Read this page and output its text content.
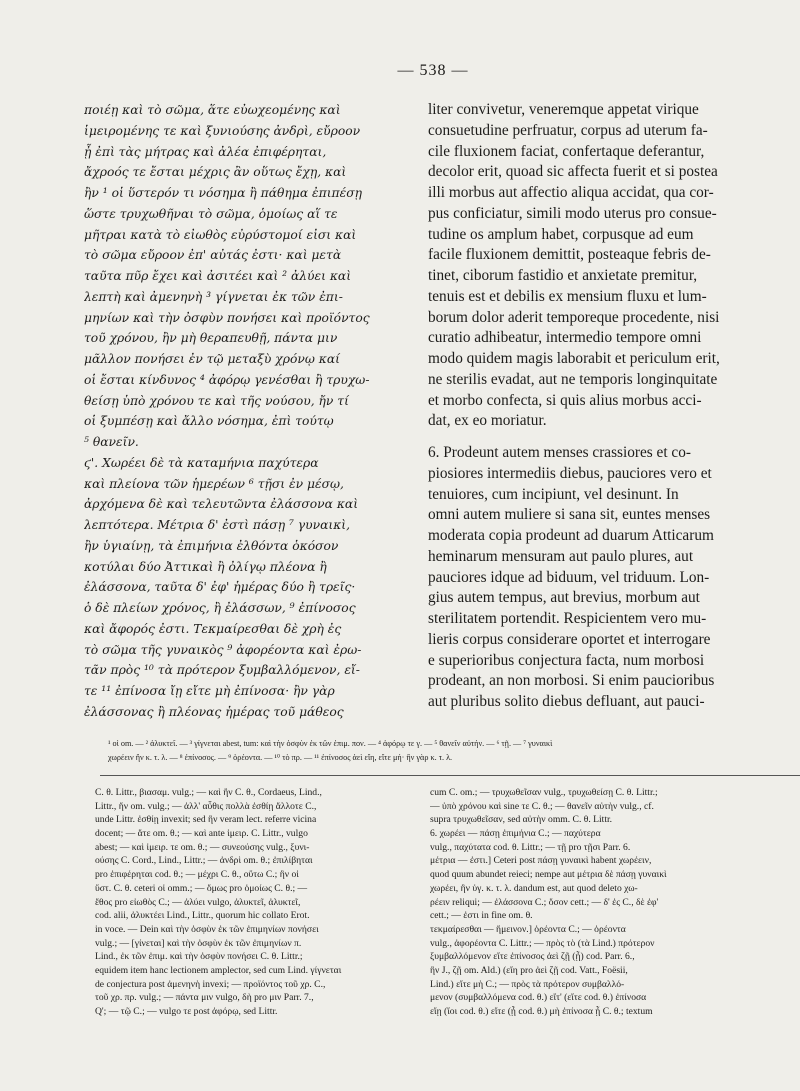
— 538 —
ποιέῃ καὶ τὸ σῶμα, ἅτε εὐωχεομένης καὶ
ἱμειρομένης τε καὶ ξυνιούσης ἀνδρὶ, εὔροον
ᾖ ἐπὶ τὰς μήτρας καὶ ἀλέα ἐπιφέρηται,
ἄχροός τε ἔσται μέχρις ἂν οὕτως ἔχῃ, καὶ
ἢν ¹ οἱ ὕστερόν τι νόσημα ἢ πάθημα ἐπιπέσῃ
ὥστε τρυχωθῆναι τὸ σῶμα, ὁμοίως αἵ τε
μῆτραι κατὰ τὸ εἰωθὸς εὐρύστομοί εἰσι καὶ
τὸ σῶμα εὔροον ἐπ' αὐτάς ἐστι· καὶ μετὰ
ταῦτα πῦρ ἔχει καὶ ἀσιτέει καὶ ² ἀλύει καὶ
λεπτὴ καὶ ἀμενηνὴ ³ γίγνεται ἐκ τῶν ἐπι-
μηνίων καὶ τὴν ὀσφὺν πονήσει καὶ προϊόντος
τοῦ χρόνου, ἢν μὴ θεραπευθῇ, πάντα μιν
μᾶλλον πονήσει ἐν τῷ μεταξὺ χρόνῳ καί
οἱ ἔσται κίνδυνος ⁴ ἀφόρῳ γενέσθαι ἢ τρυχω-
θείσῃ ὑπὸ χρόνου τε καὶ τῆς νούσου, ἤν τί
οἱ ξυμπέσῃ καὶ ἄλλο νόσημα, ἐπὶ τούτῳ
⁵ θανεῖν.
ϛ'. Χωρέει δὲ τὰ καταμήνια παχύτερα
καὶ πλείονα τῶν ἡμερέων ⁶ τῇσι ἐν μέσῳ,
ἀρχόμενα δὲ καὶ τελευτῶντα ἐλάσσονα καὶ
λεπτότερα. Μέτρια δ' ἐστὶ πάσῃ ⁷ γυναικὶ,
ἢν ὑγιαίνῃ, τὰ ἐπιμήνια ἐλθόντα ὁκόσον
κοτύλαι δύο Ἀττικαὶ ἢ ὀλίγῳ πλέονα ἢ
ἐλάσσονα, ταῦτα δ' ἐφ' ἡμέρας δύο ἢ τρεῖς·
ὁ δὲ πλείων χρόνος, ἢ ἐλάσσων, ⁹ ἐπίνοσος
καὶ ἄφορός ἐστι. Τεκμαίρεσθαι δὲ χρὴ ἐς
τὸ σῶμα τῆς γυναικὸς ⁹ ἀφορέοντα καὶ ἐρω-
τᾶν πρὸς ¹⁰ τὰ πρότερον ξυμβαλλόμενον, εἴ-
τε ¹¹ ἐπίνοσα ἴῃ εἴτε μὴ ἐπίνοσα· ἢν γὰρ
ἐλάσσονας ἢ πλέονας ἡμέρας τοῦ μάθεος
liter convivetur, veneremque appetat virique
consuetudine perfruatur, corpus ad uterum fa-
cile fluxionem faciat, confertaque deferantur,
decolor erit, quoad sic affecta fuerit et si postea
illi morbus aut affectio aliqua accidat, qua cor-
pus conficiatur, simili modo uterus pro consue-
tudine os amplum habet, corpusque ad eum
facile fluxionem demittit, posteaque febris de-
tinet, ciborum fastidio et anxietate premitur,
tenuis est et debilis ex mensium fluxu et lum-
borum dolor aderit temporeque procedente, nisi
curatio adhibeatur, intermedio tempore omni
modo quidem magis laborabit et periculum erit,
ne sterilis evadat, aut ne temporis longinquitate
et morbo confecta, si quis alius morbus acci-
dat, ex eo moriatur.
6. Prodeunt autem menses crassiores et co-
piosiores intermediis diebus, pauciores vero et
tenuiores, cum incipiunt, vel desinunt. In
omni autem muliere si sana sit, euntes menses
moderata copia prodeunt ad duarum Atticarum
heminarum mensuram aut paulo plures, aut
pauciores idque ad biduum, vel triduum. Lon-
gius autem tempus, aut brevius, morbum aut
sterilitatem portendit. Respicientem vero mu-
lieris corpus considerare oportet et interrogare
e superioribus conjectura facta, num morbosi
prodeant, an non morbosi. Si enim paucioribus
aut pluribus solito diebus defluant, aut pauci-
¹ οἱ om. — ² ἀλυκτεῖ. — ³ γίγνεται abest, tum: καὶ τὴν ὀσφὺν ἐκ τῶν ἐπιμ. πον. — ⁴ ἀφόρῳ τε γ. — ⁵ θανεῖν αὐτήν. — ⁶ τῇ. — ⁷ γυναικὶ
χωρέειν ἢν κ. τ. λ. — ⁸ ἐπίνοσος. — ⁹ ὁρέοντα. — ¹⁰ τὸ πρ. — ¹¹ ἐπίνοσος ἀεὶ εἴη, εἴτε μή· ἢν γὰρ κ. τ. λ.
C. θ. Littr., βιασαμ. vulg.; — καὶ ἢν C. θ., Cordaeus, Lind.,
Littr., ἤν om. vulg.; — ἀλλ' αὖθις πολλὰ ἐσθίῃ ἄλλοτε C.,
unde Littr. ἐσθίῃ invexit; sed ἢν veram lect. referre vicina
docent; — ἅτε om. θ.; — καὶ ante ἱμειρ. C. Littr., vulgo
abest; — καὶ ἱμειρ. τε om. θ.; — συνεούσης vulg., ξυνι-
ούσης C. Cord., Lind., Littr.; — ἀνδρὶ om. θ.; ἐπιλίβηται
pro ἐπιφέρηται cod. θ.; — μέχρι C. θ., οὕτω C.; ἢν οἱ
ὕστ. C. θ. ceteri οἱ omm.; — ὅμως pro ὁμοίως C. θ.; —
ἔθος pro εἰωθὸς C.; — ἀλύει vulgo, ἀλυκτεῖ, ἀλυκτεῖ,
cod. alii, ἀλυκτέει Lind., Littr., quorum hic collato Erot.
in voce. — Dein καὶ τὴν ὀσφὺν ἐκ τῶν ἐπιμηνίων πονήσει
vulg.; — [γίνεται] καὶ τὴν ὀσφὺν ἐκ τῶν ἐπιμηνίων π.
Lind., ἐκ τῶν ἐπιμ. καὶ τὴν ὀσφὺν πονήσει C. θ. Littr.;
equidem item hanc lectionem amplector, sed cum Lind. γίγνεται
de conjectura post ἀμενηνὴ invexi; — προϊόντος τοῦ χρ. C.,
τοῦ χρ. πρ. vulg.; — πάντα μιν vulgo, δὴ pro μιν Parr. 7.,
Q'; — τῷ C.; — vulgo τε post ἀφόρῳ, sed Littr.
cum C. om.; — τρυχωθεῖσαν vulg., τρυχωθείσῃ C. θ. Littr.;
— ὑπὸ χρόνου καὶ sine τε C. θ.; — θανεῖν αὐτὴν vulg., cf.
supra τρυχωθεῖσαν, sed αὐτὴν omm. C. θ. Littr.
6. χωρέει — πάσῃ ἐπιμήνια C.; — παχύτερα
vulg., παχύτατα cod. θ. Littr.; — τῇ pro τῇσι Parr. 6.
μέτρια — ἐστι.] Ceteri post πάσῃ γυναικὶ habent χωρέειν,
quod quum abundet reieci; nempe aut μέτρια δὲ πάσῃ γυναικὶ
χωρέει, ἢν ὑγ. κ. τ. λ. dandum est, aut quod deleto χω-
ρέειν reliqui; — ἐλάσσονα C.; ὅσον cett.; — δ' ἐς C., δὲ ἐφ'
cett.; — ἐστι in fine om. θ.
τεκμαίρεσθαι — ἥμεινον.] ὁρέοντα C.; — ὁρέοντα
vulg., ἀφορέοντα C. Littr.; — πρὸς τὸ (τὰ Lind.) πρότερον
ξυμβαλλόμενον εἴτε ἐπίνοσος ἀεὶ ζῇ (ᾖ) cod. Parr. 6.,
ἢν J., ζῇ om. Ald.) (εἴη pro ἀεὶ ζῇ cod. Vatt., Foësii,
Lind.) εἴτε μὴ C.; — πρὸς τὰ πρότερον συμβαλλό-
μενον (συμβαλλόμενα cod. θ.) εἴτ' (εἴτε cod. θ.) ἐπίνοσα
εἴῃ (ἴοι cod. θ.) εἴτε (ᾖ cod. θ.) μὴ ἐπίνοσα ᾖ C. θ.; textum
